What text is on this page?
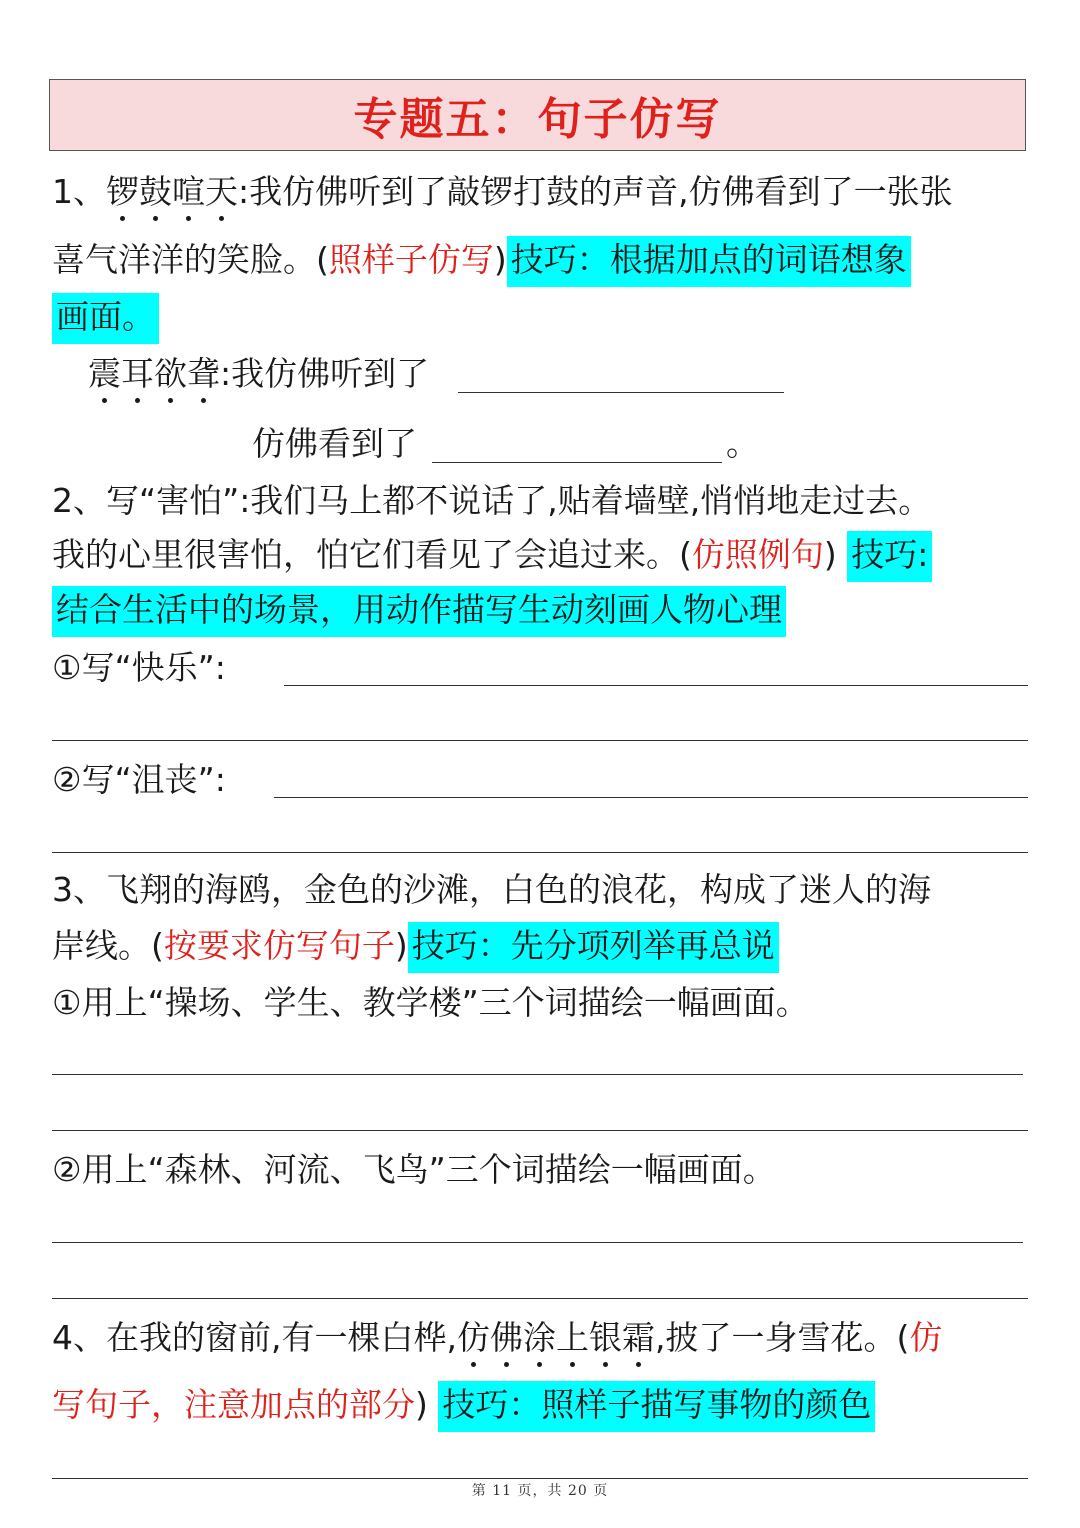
专题五：句子仿写
1、锣鼓喧天:我仿佛听到了敲锣打鼓的声音,仿佛看到了一张张
喜气洋洋的笑脸。(照样子仿写) 技巧：根据加点的词语想象
画面。
震耳欲聋:我仿佛听到了
仿佛看到了	。
2、写“害怕”:我们马上都不说话了,贴着墙壁,悄悄地走过去。
我的心里很害怕，怕它们看见了会追过来。(仿照例句) 技巧:
结合生活中的场景，用动作描写生动刻画人物心理
①写“快乐”:
②写“沮丧”:
3、飞翔的海鸥，金色的沙滩，白色的浪花，构成了迷人的海
岸线。(按要求仿写句子) 技巧：先分项列举再总说
①用上“操场、学生、教学楼”三个词描绘一幅画面。
②用上“森林、河流、飞鸟”三个词描绘一幅画面。
4、在我的窗前,有一棵白桦,仿佛涂上银霜,披了一身雪花。(仿
写句子，注意加点的部分) 技巧：照样子描写事物的颜色
第 11 页，共 20 页
